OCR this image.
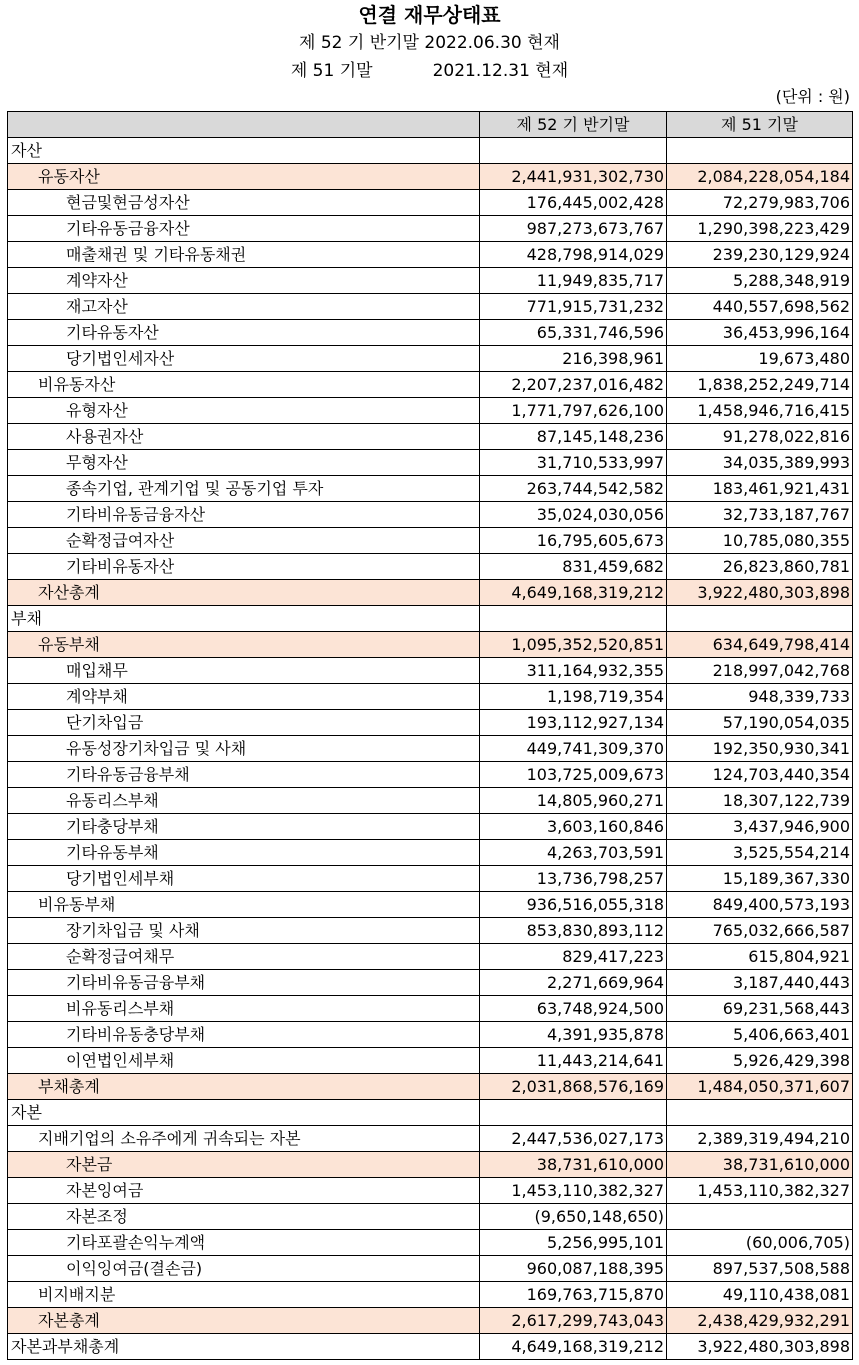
연결 재무상태표
제 52 기 반기말 2022.06.30 현재
제 51 기말	2021.12.31 현재
(단위 : 원)
	제 52 기 반기말	제 51 기말
자산		
유동자산	2,441,931,302,730	2,084,228,054,184
현금및현금성자산	176,445,002,428	72,279,983,706
기타유동금융자산	987,273,673,767	1,290,398,223,429
매출채권 및 기타유동채권	428,798,914,029	239,230,129,924
계약자산	11,949,835,717	5,288,348,919
재고자산	771,915,731,232	440,557,698,562
기타유동자산	65,331,746,596	36,453,996,164
당기법인세자산	216,398,961	19,673,480
비유동자산	2,207,237,016,482	1,838,252,249,714
유형자산	1,771,797,626,100	1,458,946,716,415
사용권자산	87,145,148,236	91,278,022,816
무형자산	31,710,533,997	34,035,389,993
종속기업, 관계기업 및 공동기업 투자	263,744,542,582	183,461,921,431
기타비유동금융자산	35,024,030,056	32,733,187,767
순확정급여자산	16,795,605,673	10,785,080,355
기타비유동자산	831,459,682	26,823,860,781
자산총계	4,649,168,319,212	3,922,480,303,898
부채		
유동부채	1,095,352,520,851	634,649,798,414
매입채무	311,164,932,355	218,997,042,768
계약부채	1,198,719,354	948,339,733
단기차입금	193,112,927,134	57,190,054,035
유동성장기차입금 및 사채	449,741,309,370	192,350,930,341
기타유동금융부채	103,725,009,673	124,703,440,354
유동리스부채	14,805,960,271	18,307,122,739
기타충당부채	3,603,160,846	3,437,946,900
기타유동부채	4,263,703,591	3,525,554,214
당기법인세부채	13,736,798,257	15,189,367,330
비유동부채	936,516,055,318	849,400,573,193
장기차입금 및 사채	853,830,893,112	765,032,666,587
순확정급여채무	829,417,223	615,804,921
기타비유동금융부채	2,271,669,964	3,187,440,443
비유동리스부채	63,748,924,500	69,231,568,443
기타비유동충당부채	4,391,935,878	5,406,663,401
이연법인세부채	11,443,214,641	5,926,429,398
부채총계	2,031,868,576,169	1,484,050,371,607
자본		
지배기업의 소유주에게 귀속되는 자본	2,447,536,027,173	2,389,319,494,210
자본금	38,731,610,000	38,731,610,000
자본잉여금	1,453,110,382,327	1,453,110,382,327
자본조정	(9,650,148,650)	
기타포괄손익누계액	5,256,995,101	(60,006,705)
이익잉여금(결손금)	960,087,188,395	897,537,508,588
비지배지분	169,763,715,870	49,110,438,081
자본총계	2,617,299,743,043	2,438,429,932,291
자본과부채총계	4,649,168,319,212	3,922,480,303,898
